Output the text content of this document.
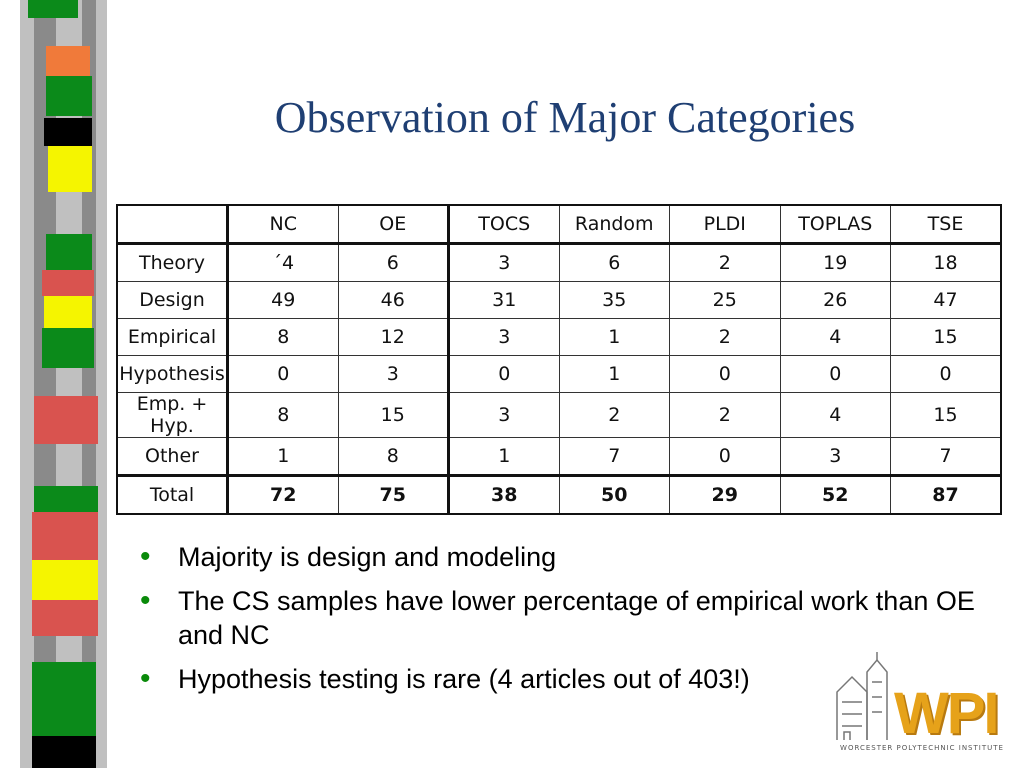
Observation of Major Categories
	NC	OE	TOCS	Random	PLDI	TOPLAS	TSE
Theory	´4	6	3	6	2	19	18
Design	49	46	31	35	25	26	47
Empirical	8	12	3	1	2	4	15
Hypothesis	0	3	0	1	0	0	0
Emp. + Hyp.	8	15	3	2	2	4	15
Other	1	8	1	7	0	3	7
Total	72	75	38	50	29	52	87
• Majority is design and modeling
• The CS samples have lower percentage of empirical work than OE and NC
• Hypothesis testing is rare (4 articles out of 403!)
WPI
WORCESTER POLYTECHNIC INSTITUTE
